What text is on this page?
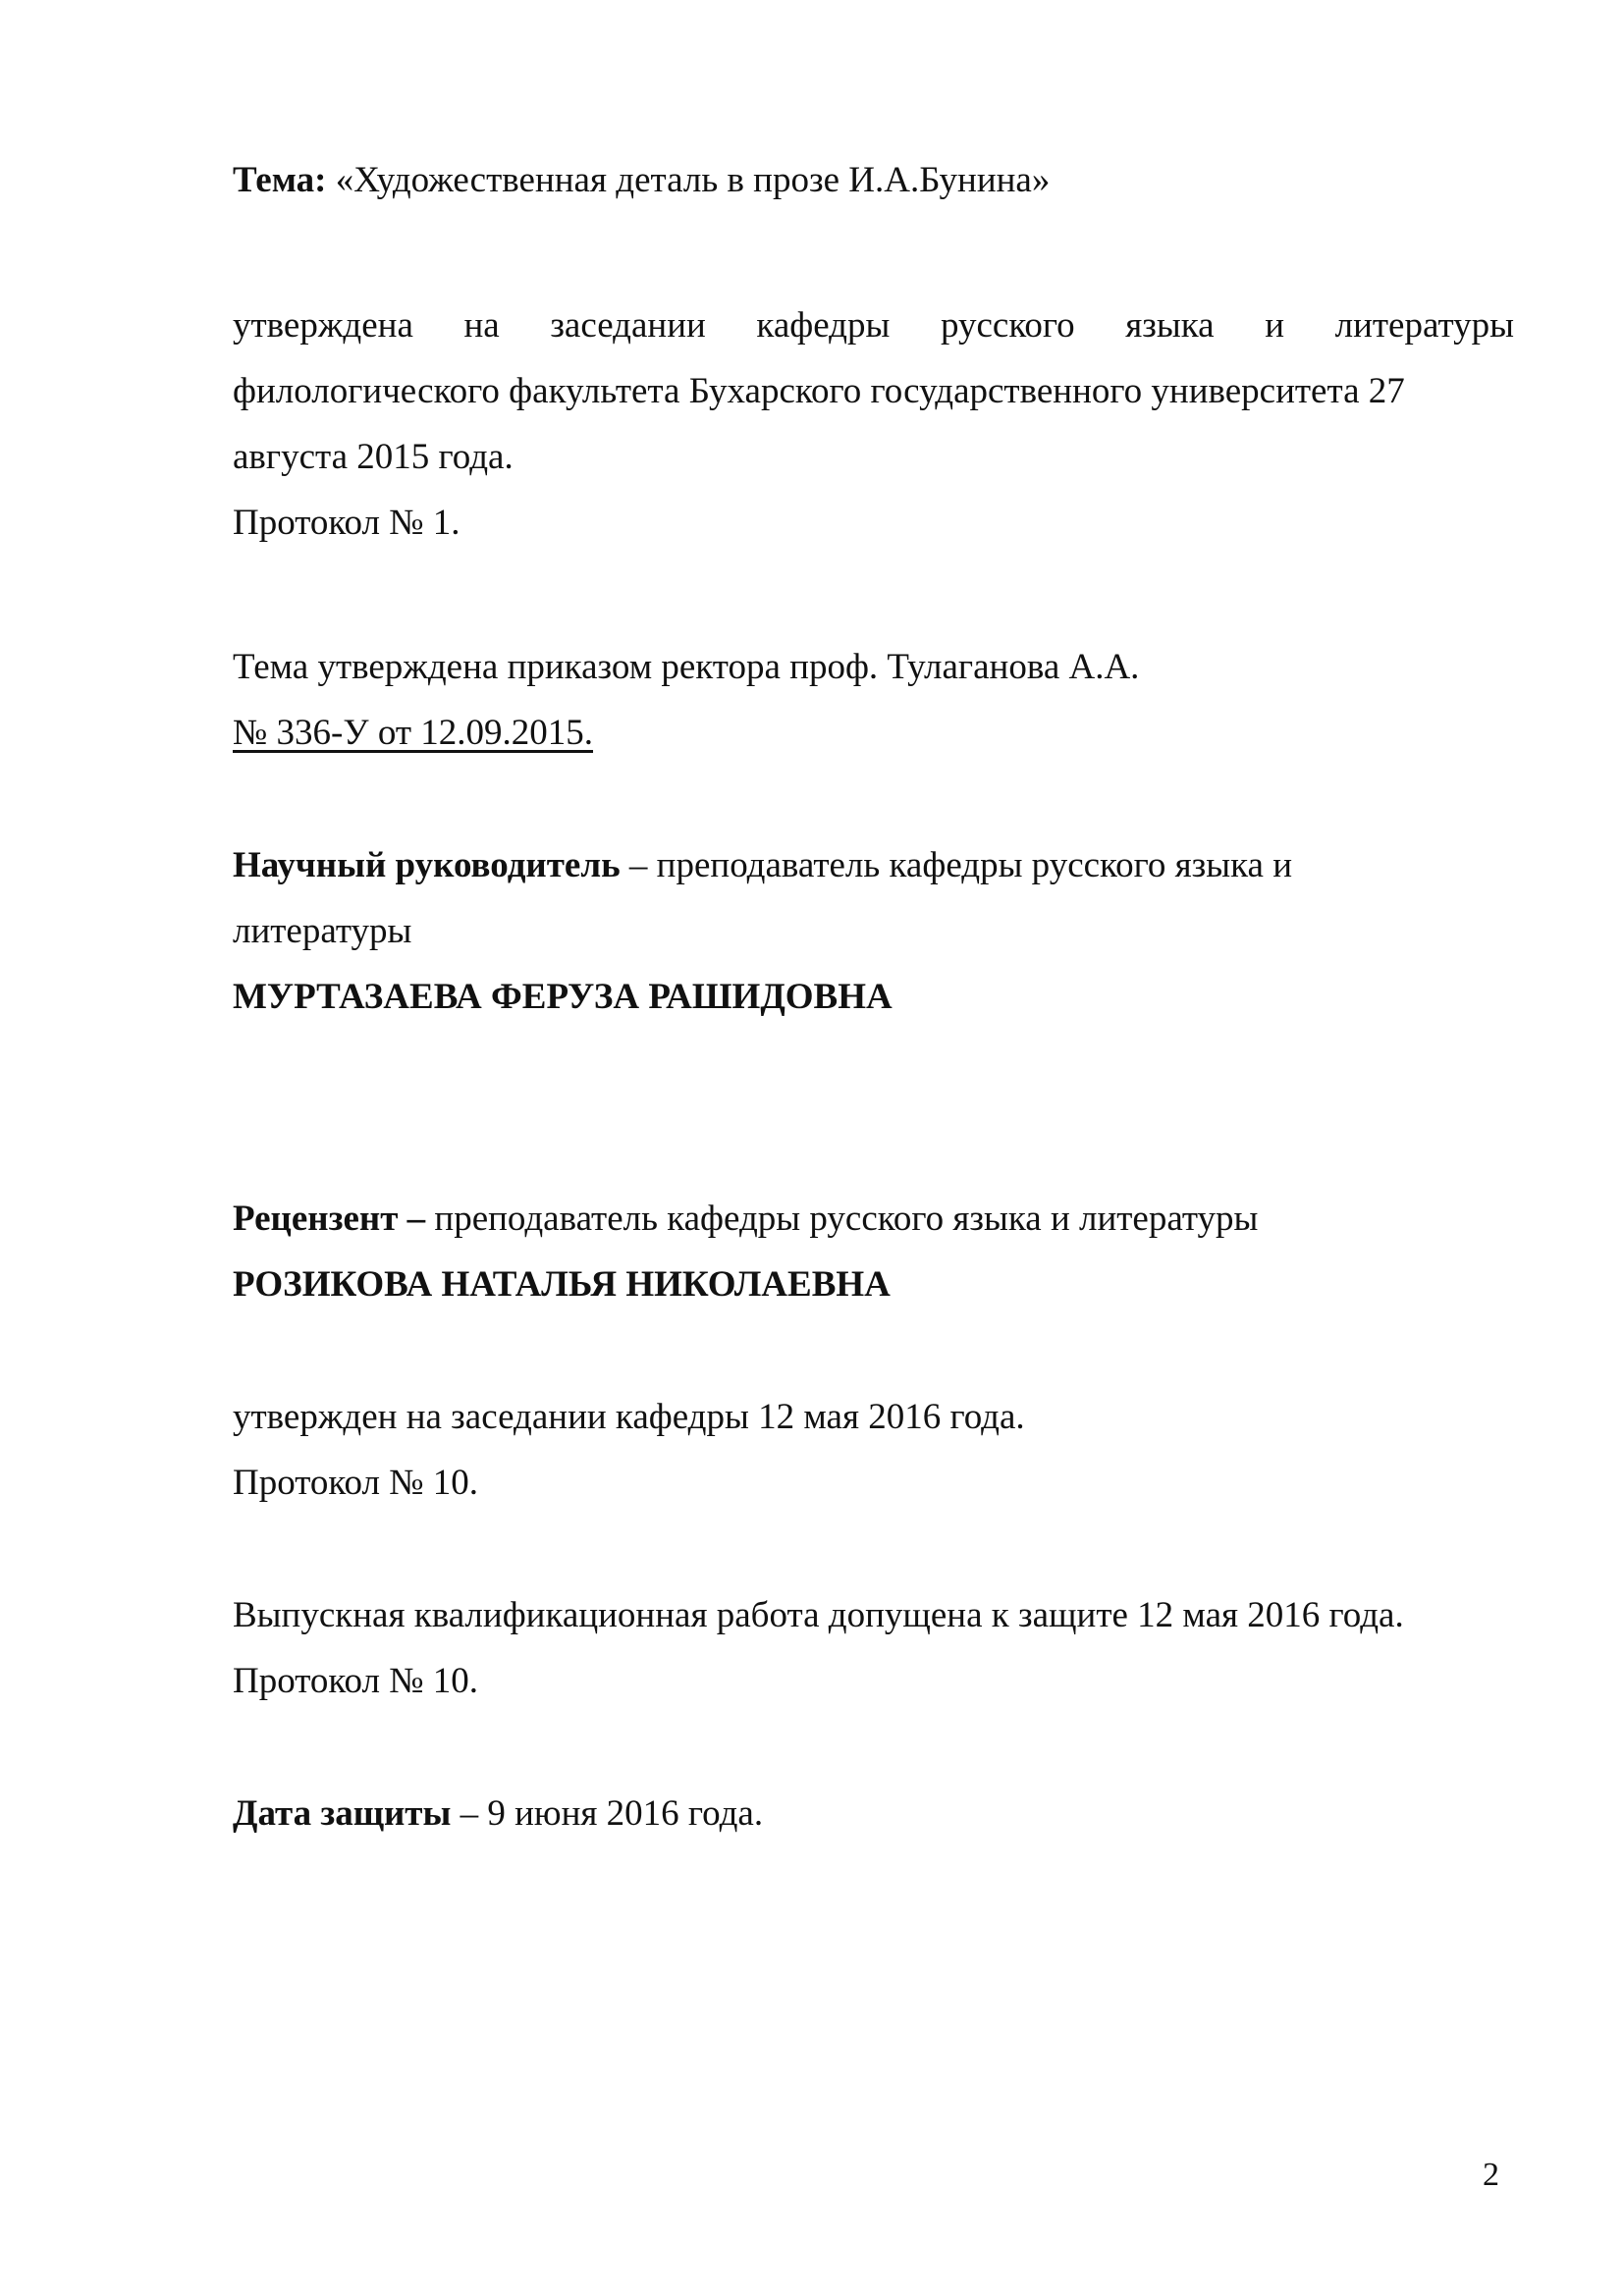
Тема: «Художественная деталь в прозе И.А.Бунина»
утверждена на заседании кафедры русского языка и литературы
филологического факультета Бухарского государственного университета 27
августа 2015 года.
Протокол № 1.
Тема утверждена приказом ректора проф. Тулаганова А.А.
№ 336-У от 12.09.2015.
Научный руководитель – преподаватель кафедры русского языка и
литературы
МУРТАЗАЕВА ФЕРУЗА РАШИДОВНА
Рецензент – преподаватель кафедры русского языка и литературы
РОЗИКОВА НАТАЛЬЯ НИКОЛАЕВНА
утвержден на заседании кафедры 12 мая 2016 года.
Протокол № 10.
Выпускная квалификационная работа допущена к защите 12 мая 2016 года.
Протокол № 10.
Дата защиты – 9 июня 2016 года.
2
